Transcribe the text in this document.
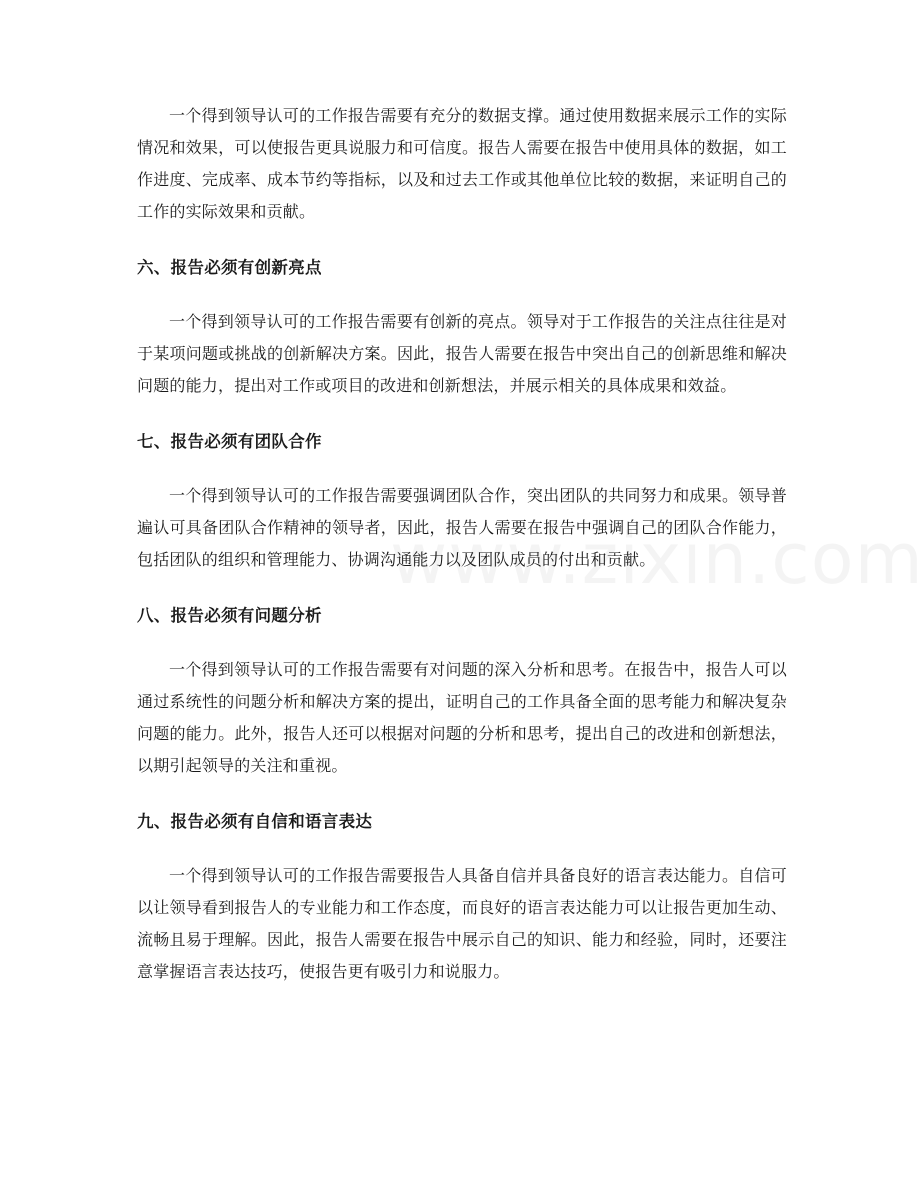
一个得到领导认可的工作报告需要有充分的数据支撑。通过使用数据来展示工作的实际情况和效果，可以使报告更具说服力和可信度。报告人需要在报告中使用具体的数据，如工作进度、完成率、成本节约等指标，以及和过去工作或其他单位比较的数据，来证明自己的工作的实际效果和贡献。

六、报告必须有创新亮点

一个得到领导认可的工作报告需要有创新的亮点。领导对于工作报告的关注点往往是对于某项问题或挑战的创新解决方案。因此，报告人需要在报告中突出自己的创新思维和解决问题的能力，提出对工作或项目的改进和创新想法，并展示相关的具体成果和效益。

七、报告必须有团队合作

一个得到领导认可的工作报告需要强调团队合作，突出团队的共同努力和成果。领导普遍认可具备团队合作精神的领导者，因此，报告人需要在报告中强调自己的团队合作能力，包括团队的组织和管理能力、协调沟通能力以及团队成员的付出和贡献。

八、报告必须有问题分析

一个得到领导认可的工作报告需要有对问题的深入分析和思考。在报告中，报告人可以通过系统性的问题分析和解决方案的提出，证明自己的工作具备全面的思考能力和解决复杂问题的能力。此外，报告人还可以根据对问题的分析和思考，提出自己的改进和创新想法，以期引起领导的关注和重视。

九、报告必须有自信和语言表达

一个得到领导认可的工作报告需要报告人具备自信并具备良好的语言表达能力。自信可以让领导看到报告人的专业能力和工作态度，而良好的语言表达能力可以让报告更加生动、流畅且易于理解。因此，报告人需要在报告中展示自己的知识、能力和经验，同时，还要注意掌握语言表达技巧，使报告更有吸引力和说服力。
